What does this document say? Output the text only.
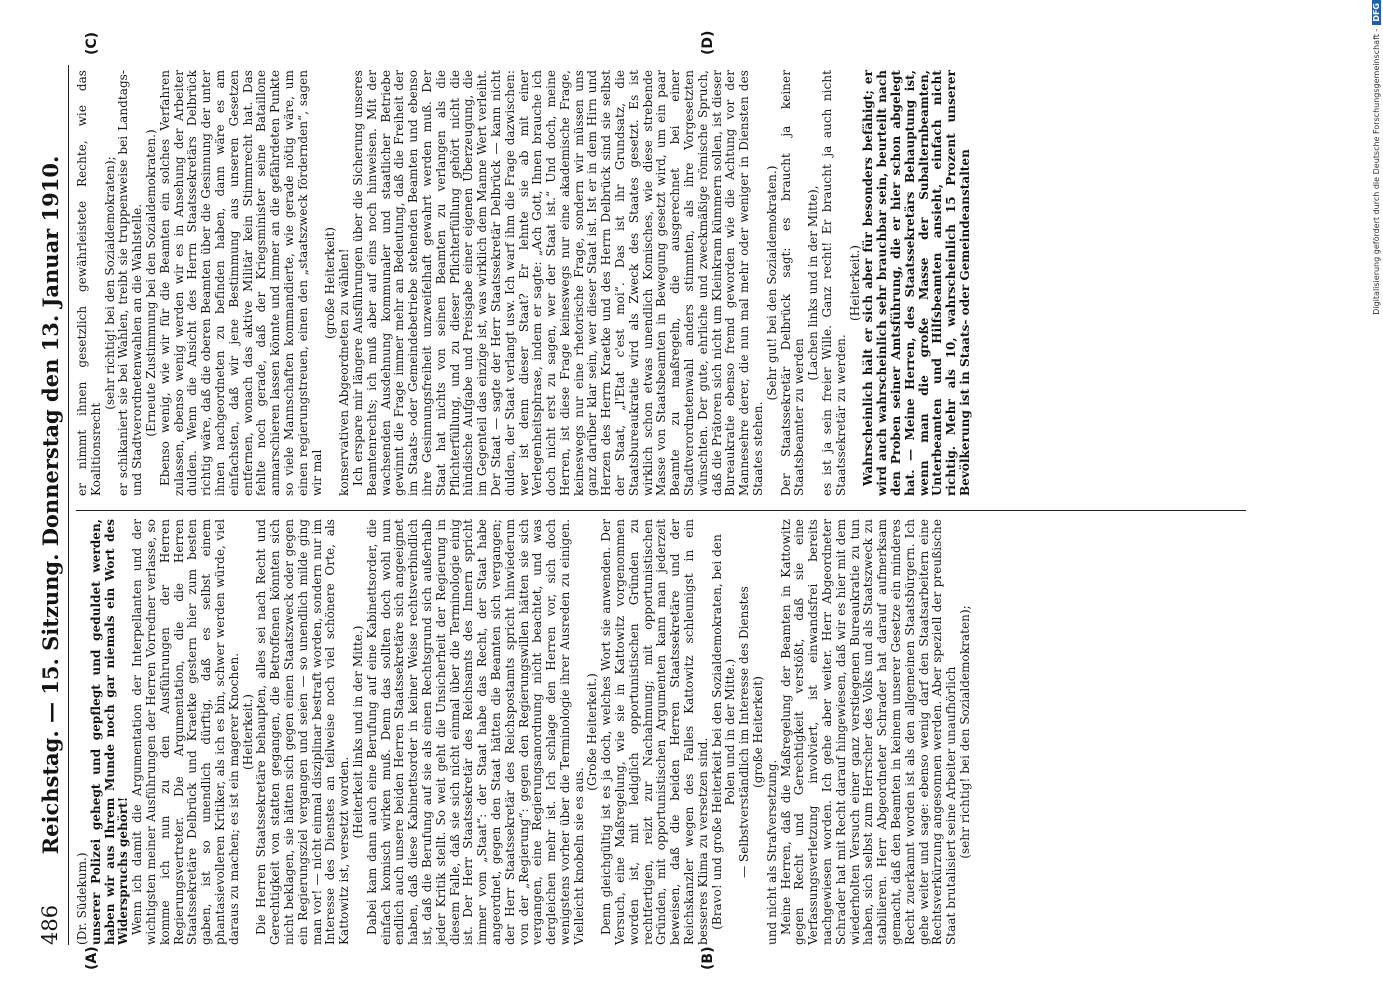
486
Reichstag. — 15. Sitzung. Donnerstag den 13. Januar 1910.
(A)	(B)
(C)	(D)

(Dr. Südekum.) unserer Polizei gehegt und gepflegt und geduldet werden, haben wir aus Ihrem Munde noch gar niemals ein Wort des Widerspruchs gehört! Wenn ich damit die Argumentation der Interpellanten und der wichtigsten meiner Ausführungen der Herren Vorredner verlasse, so komme ich nun zu den Ausführungen der Herren Regierungsvertreter. Die Argumentation, die die Herren Staatssekretäre Delbrück und Kraetke gestern hier zum besten gaben, ist so unendlich dürftig, daß es selbst einem phantasievolleren Kritiker, als ich es bin, schwer werden würde, viel daraus zu machen; es ist ein magerer Knochen. (Heiterkeit.) Die Herren Staatssekretäre behaupten, alles sei nach Recht und Gerechtigkeit von statten gegangen, die Betroffenen könnten sich nicht beklagen, sie hätten sich gegen einen Staatszweck oder gegen ein Regierungsziel vergangen und seien — so unendlich milde ging man vor! — nicht einmal disziplinar bestraft worden, sondern nur im Interesse des Dienstes an teilweise noch viel schönere Orte, als Kattowitz ist, versetzt worden.

(Heiterkeit links und in der Mitte.) Dabei kam dann auch eine Berufung auf eine Kabinettsorder, die einfach komisch wirken muß. Denn das sollten doch wohl nun endlich auch unsere beiden Herren Staatssekretäre sich angeeignet haben, daß diese Kabinettsorder in keiner Weise rechtsverbindlich ist, daß die Berufung auf sie als einen Rechtsgrund sich außerhalb jeder Kritik stellt. So weit geht die Unsicherheit der Regierung in diesem Falle, daß sie sich nicht einmal über die Terminologie einig ist. Der Herr Staatssekretär des Reichsamts des Innern spricht immer vom „Staat“: der Staat habe das Recht, der Staat habe angeordnet, gegen den Staat hätten die Beamten sich vergangen; der Herr Staatssekretär des Reichspostamts spricht hinwiederum von der „Regierung“: gegen den Regierungswillen hätten sie sich vergangen, eine Regierungsanordnung nicht beachtet, und was dergleichen mehr ist. Ich schlage den Herren vor, sich doch wenigstens vorher über die Terminologie ihrer Ausreden zu einigen. Vielleicht knobeln sie es aus.

(Große Heiterkeit.) Denn gleichgültig ist es ja doch, welches Wort sie anwenden. Der Versuch, eine Maßregelung, wie sie in Kattowitz vorgenommen worden ist, mit lediglich opportunistischen Gründen zu rechtfertigen, reizt zur Nachahmung; mit opportunistischen Gründen, mit opportunistischen Argumenten kann man jederzeit beweisen, daß die beiden Herren Staatssekretäre und der Reichskanzler wegen des Falles Kattowitz schleunigst in ein besseres Klima zu versetzen sind. (Bravo! und große Heiterkeit bei den Sozialdemokraten, bei den Polen und in der Mitte.) — Selbstverständlich im Interesse des Dienstes (große Heiterkeit)

und nicht als Strafversetzung. Meine Herren, daß die Maßregelung der Beamten in Kattowitz gegen Recht und Gerechtigkeit verstößt, daß sie eine Verfassungsverletzung involviert, ist einwandsfrei bereits nachgewiesen worden. Ich gehe aber weiter. Herr Abgeordneter Schrader hat mit Recht darauf hingewiesen, daß wir es hier mit dem wiederholten Versuch einer ganz verstiegenen Bureaukratie zu tun haben, sich selbst zum Herrscher des Volks und als Staatszweck zu stabilieren. Herr Abgeordneter Schrader hat darauf aufmerksam gemacht, daß den Beamten in keinem unserer Gesetze ein minderes Recht zuerkannt worden ist als den allgemeinen Staatsbürgern. Ich gehe weiter und sage: ebenso wenig darf den Staatsarbeitern eine Rechtsverkürzung angesonnen werden. Aber speziell der preußische Staat brutalisiert seine Arbeiter unaufhörlich (sehr richtig! bei den Sozialdemokraten);

er nimmt ihnen gesetzlich gewährleistete Rechte, wie das Koalitionsrecht

(sehr richtig! bei den Sozialdemokraten); er schikaniert sie bei Wahlen, treibt sie truppenweise bei Landtags- und Stadtverordnetenwahlen an die Wahlstelle. (Erneute Zustimmung bei den Sozialdemokraten.) Ebenso wenig, wie wir für die Beamten ein solches Verfahren zulassen, ebenso wenig werden wir es in Ansehung der Arbeiter dulden. Wenn die Ansicht des Herrn Staatssekretärs Delbrück richtig wäre, daß die oberen Beamten über die Gesinnung der unter ihnen nachgeordneten zu befinden haben, dann wäre es am einfachsten, daß wir jene Bestimmung aus unseren Gesetzen entfernen, wonach das aktive Militär kein Stimmrecht hat. Das fehlte noch gerade, daß der Kriegsminister seine Bataillone anmarschieren lassen könnte und immer an die gefährdeten Punkte so viele Mannschaften kommandierte, wie gerade nötig wäre, um einen regierungstreuen, einen den „staatszweck fördernden“, sagen wir mal

(große Heiterkeit) konservativen Abgeordneten zu wählen! Ich erspare mir längere Ausführungen über die Sicherung unseres Beamtenrechts; ich muß aber auf eins noch hinweisen. Mit der wachsenden Ausdehnung kommunaler und staatlicher Betriebe gewinnt die Frage immer mehr an Bedeutung, daß die Freiheit der im Staats- oder Gemeindebetriebe stehenden Beamten und ebenso ihre Gesinnungsfreiheit unzweifelhaft gewahrt werden muß. Der Staat hat nichts von seinen Beamten zu verlangen als die Pflichterfüllung, und zu dieser Pflichterfüllung gehört nicht die hündische Aufgabe und Preisgabe einer eigenen Überzeugung, die im Gegenteil das einzige ist, was wirklich dem Manne Wert verleiht. Der Staat — sagte der Herr Staatssekretär Delbrück — kann nicht dulden, der Staat verlangt usw. Ich warf ihm die Frage dazwischen: wer ist denn dieser Staat? Er lehnte sie ab mit einer Verlegenheitsphrase, indem er sagte: „Ach Gott, Ihnen brauche ich doch nicht erst zu sagen, wer der Staat ist.“ Und doch, meine Herren, ist diese Frage keineswegs nur eine akademische Frage, keineswegs nur eine rhetorische Frage, sondern wir müssen uns ganz darüber klar sein, wer dieser Staat ist. Ist er in dem Hirn und Herzen des Herrn Kraetke und des Herrn Delbrück sind sie selbst der Staat, „l'Etat c'est moi“. Das ist ihr Grundsatz, die Staatsbureaukratie wird als Zweck des Staates gesetzt. Es ist wirklich schon etwas unendlich Komisches, wie diese strebende Masse von Staatsbeamten in Bewegung gesetzt wird, um ein paar Beamte zu maßregeln, die ausgerechnet bei einer Stadtverordnetenwahl anders stimmten, als ihre Vorgesetzten wünschten. Der gute, ehrliche und zweckmäßige römische Spruch, daß die Prätoren sich nicht um Kleinkram kümmern sollen, ist dieser Bureaukratie ebenso fremd geworden wie die Achtung vor der Mannesehre derer, die nun mal mehr oder weniger in Diensten des Staates stehen.

(Sehr gut! bei den Sozialdemokraten.) Der Staatssekretär Delbrück sagt: es braucht ja keiner Staatsbeamter zu werden

(Lachen links und in der Mitte), es ist ja sein freier Wille. Ganz recht! Er braucht ja auch nicht Staatssekretär zu werden.

(Heiterkeit.) Wahrscheinlich hält er sich aber für besonders befähigt; er wird auch wahrscheinlich sehr brauchbar sein, beurteilt nach den Proben seiner Amtsführung, die er hier schon abgelegt hat. — Meine Herren, des Staatssekretärs Behauptung ist, wenn man die große Masse der Subalternbeamten, Unterbeamten und Hilfsbeamten ansieht, einfach nicht richtig. Mehr als 10, wahrscheinlich 15 Prozent unserer Bevölkerung ist in Staats- oder Gemeindeanstalten	Digitalisierung gefördert durch die Deutsche Forschungsgemeinschaft -DFG
